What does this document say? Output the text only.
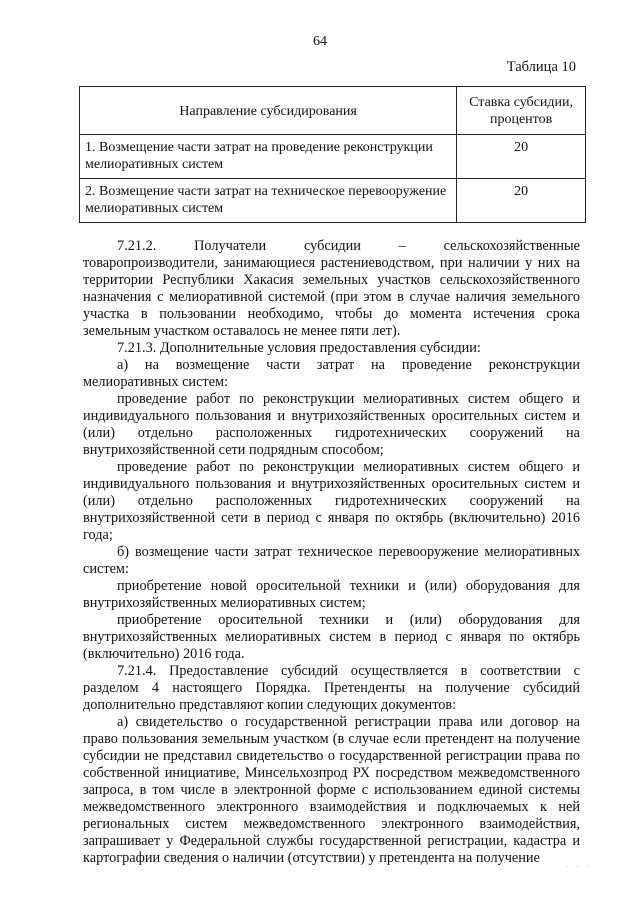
64
Таблица 10
Направление субсидирования	Ставка субсидии, процентов
1. Возмещение части затрат на проведение реконструкции мелиоративных систем	20
2. Возмещение части затрат на техническое перевооружение мелиоративных систем	20

7.21.2. Получатели субсидии – сельскохозяйственные товаропроизводители, занимающиеся растениеводством, при наличии у них на территории Республики Хакасия земельных участков сельскохозяйственного назначения с мелиоративной системой (при этом в случае наличия земельного участка в пользовании необходимо, чтобы до момента истечения срока земельным участком оставалось не менее пяти лет).

7.21.3. Дополнительные условия предоставления субсидии:

а) на возмещение части затрат на проведение реконструкции мелиоративных систем:

проведение работ по реконструкции мелиоративных систем общего и индивидуального пользования и внутрихозяйственных оросительных систем и (или) отдельно расположенных гидротехнических сооружений на внутрихозяйственной сети подрядным способом;

проведение работ по реконструкции мелиоративных систем общего и индивидуального пользования и внутрихозяйственных оросительных систем и (или) отдельно расположенных гидротехнических сооружений на внутрихозяйственной сети в период с января по октябрь (включительно) 2016 года;

б) возмещение части затрат техническое перевооружение мелиоративных систем:

приобретение новой оросительной техники и (или) оборудования для внутрихозяйственных мелиоративных систем;

приобретение оросительной техники и (или) оборудования для внутрихозяйственных мелиоративных систем в период с января по октябрь (включительно) 2016 года.

7.21.4. Предоставление субсидий осуществляется в соответствии с разделом 4 настоящего Порядка. Претенденты на получение субсидий дополнительно представляют копии следующих документов:

а) свидетельство о государственной регистрации права или договор на право пользования земельным участком (в случае если претендент на получение субсидии не представил свидетельство о государственной регистрации права по собственной инициативе, Минсельхозпрод РХ посредством межведомственного запроса, в том числе в электронной форме с использованием единой системы межведомственного электронного взаимодействия и подключаемых к ней региональных систем межведомственного электронного взаимодействия, запрашивает у Федеральной службы государственной регистрации, кадастра и картографии сведения о наличии (отсутствии) у претендента на получение

· · ·
